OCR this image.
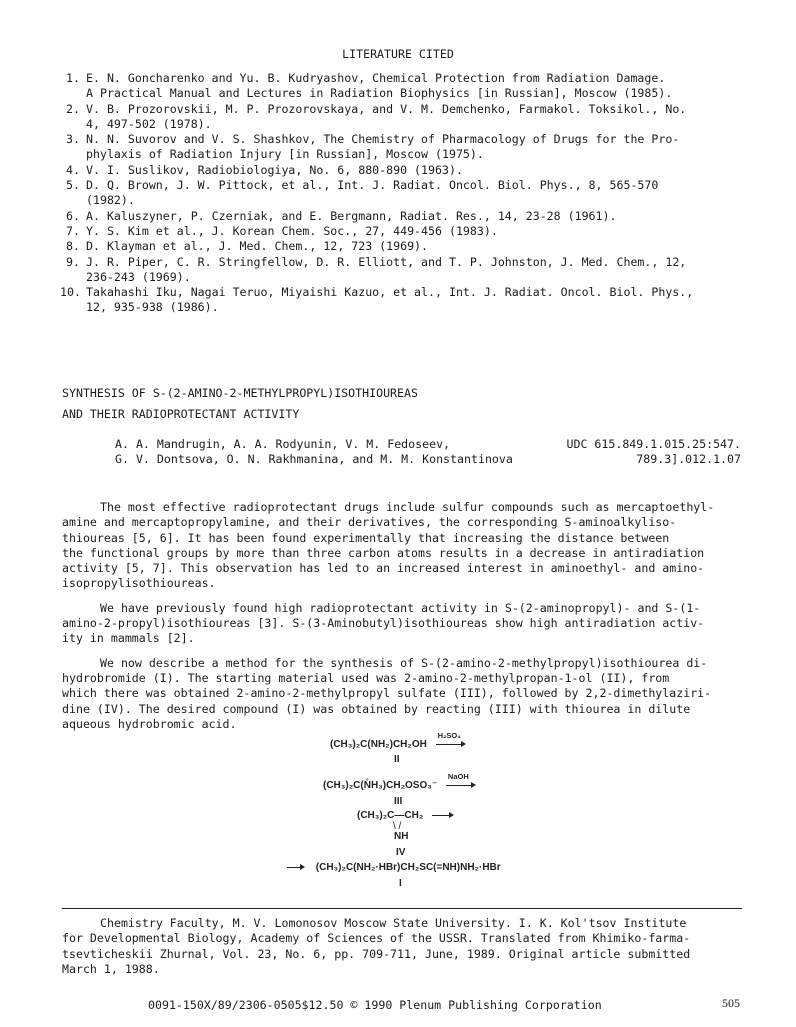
LITERATURE CITED
1. E. N. Goncharenko and Yu. B. Kudryashov, Chemical Protection from Radiation Damage.
A Practical Manual and Lectures in Radiation Biophysics [in Russian], Moscow (1985).
2. V. B. Prozorovskii, M. P. Prozorovskaya, and V. M. Demchenko, Farmakol. Toksikol., No.
4, 497-502 (1978).
3. N. N. Suvorov and V. S. Shashkov, The Chemistry of Pharmacology of Drugs for the Pro-
phylaxis of Radiation Injury [in Russian], Moscow (1975).
4. V. I. Suslikov, Radiobiologiya, No. 6, 880-890 (1963).
5. D. Q. Brown, J. W. Pittock, et al., Int. J. Radiat. Oncol. Biol. Phys., 8, 565-570
(1982).
6. A. Kaluszyner, P. Czerniak, and E. Bergmann, Radiat. Res., 14, 23-28 (1961).
7. Y. S. Kim et al., J. Korean Chem. Soc., 27, 449-456 (1983).
8. D. Klayman et al., J. Med. Chem., 12, 723 (1969).
9. J. R. Piper, C. R. Stringfellow, D. R. Elliott, and T. P. Johnston, J. Med. Chem., 12,
236-243 (1969).
10. Takahashi Iku, Nagai Teruo, Miyaishi Kazuo, et al., Int. J. Radiat. Oncol. Biol. Phys.,
12, 935-938 (1986).
SYNTHESIS OF S-(2-AMINO-2-METHYLPROPYL)ISOTHIOUREAS
AND THEIR RADIOPROTECTANT ACTIVITY
A. A. Mandrugin, A. A. Rodyunin, V. M. Fedoseev,
G. V. Dontsova, O. N. Rakhmanina, and M. M. Konstantinova
UDC 615.849.1.015.25:547.
789.3].012.1.07
The most effective radioprotectant drugs include sulfur compounds such as mercaptoethyl-
amine and mercaptopropylamine, and their derivatives, the corresponding S-aminoalkyliso-
thioureas [5, 6]. It has been found experimentally that increasing the distance between
the functional groups by more than three carbon atoms results in a decrease in antiradiation
activity [5, 7]. This observation has led to an increased interest in aminoethyl- and amino-
isopropylisothioureas.
We have previously found high radioprotectant activity in S-(2-aminopropyl)- and S-(1-
amino-2-propyl)isothioureas [3]. S-(3-Aminobutyl)isothioureas show high antiradiation activ-
ity in mammals [2].
We now describe a method for the synthesis of S-(2-amino-2-methylpropyl)isothiourea di-
hydrobromide (I). The starting material used was 2-amino-2-methylpropan-1-ol (II), from
which there was obtained 2-amino-2-methylpropyl sulfate (III), followed by 2,2-dimethylaziri-
dine (IV). The desired compound (I) was obtained by reacting (III) with thiourea in dilute
aqueous hydrobromic acid.
(CH₃)₂C(NH₂)CH₂OH
H₂SO₄
II
(CH₃)₂C(N̊H₃)CH₂OSO₃⁻
NaOH
III
(CH₃)₂C—CH₂
\ /
NH
IV
(CH₃)₂C(NH₂·HBr)CH₂SC(=NH)NH₂·HBr
I
Chemistry Faculty, M. V. Lomonosov Moscow State University. I. K. Kol'tsov Institute
for Developmental Biology, Academy of Sciences of the USSR. Translated from Khimiko-farma-
tsevticheskii Zhurnal, Vol. 23, No. 6, pp. 709-711, June, 1989. Original article submitted
March 1, 1988.
0091-150X/89/2306-0505$12.50 © 1990 Plenum Publishing Corporation	505
